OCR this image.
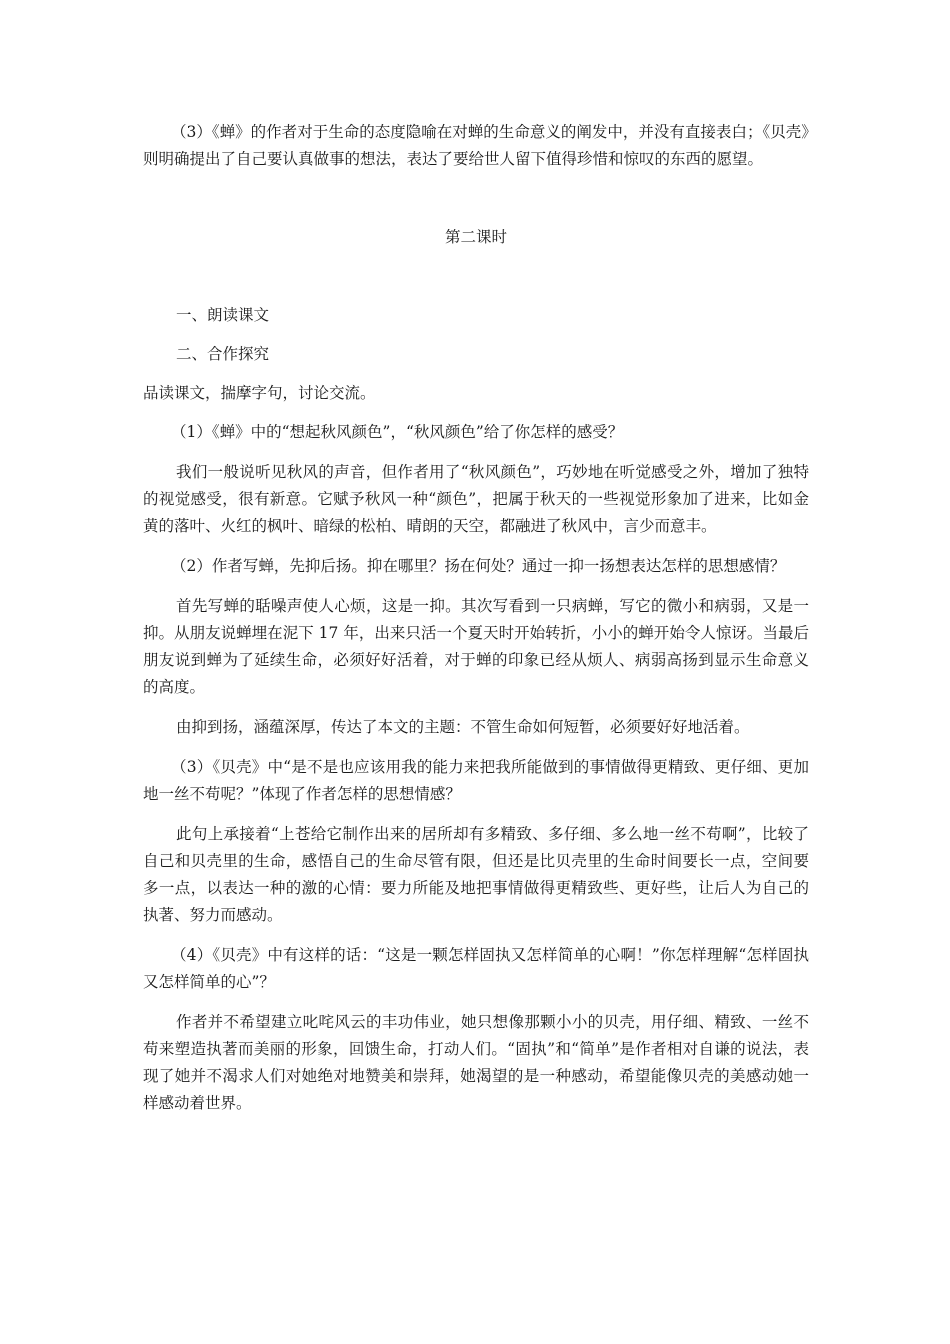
（3）《蝉》的作者对于生命的态度隐喻在对蝉的生命意义的阐发中，并没有直接表白；《贝壳》则明确提出了自己要认真做事的想法，表达了要给世人留下值得珍惜和惊叹的东西的愿望。

第二课时

一、朗读课文

二、合作探究

品读课文，揣摩字句，讨论交流。

（1）《蝉》中的“想起秋风颜色”，“秋风颜色”给了你怎样的感受？

我们一般说听见秋风的声音，但作者用了“秋风颜色”，巧妙地在听觉感受之外，增加了独特的视觉感受，很有新意。它赋予秋风一种“颜色”，把属于秋天的一些视觉形象加了进来，比如金黄的落叶、火红的枫叶、暗绿的松柏、晴朗的天空，都融进了秋风中，言少而意丰。

（2）作者写蝉，先抑后扬。抑在哪里？扬在何处？通过一抑一扬想表达怎样的思想感情？

首先写蝉的聒噪声使人心烦，这是一抑。其次写看到一只病蝉，写它的微小和病弱，又是一抑。从朋友说蝉埋在泥下 17 年，出来只活一个夏天时开始转折，小小的蝉开始令人惊讶。当最后朋友说到蝉为了延续生命，必须好好活着，对于蝉的印象已经从烦人、病弱高扬到显示生命意义的高度。

由抑到扬，涵蕴深厚，传达了本文的主题：不管生命如何短暂，必须要好好地活着。

（3）《贝壳》中“是不是也应该用我的能力来把我所能做到的事情做得更精致、更仔细、更加地一丝不苟呢？”体现了作者怎样的思想情感？

此句上承接着“上苍给它制作出来的居所却有多精致、多仔细、多么地一丝不苟啊”，比较了自己和贝壳里的生命，感悟自己的生命尽管有限，但还是比贝壳里的生命时间要长一点，空间要多一点，以表达一种的激的心情：要力所能及地把事情做得更精致些、更好些，让后人为自己的执著、努力而感动。

（4）《贝壳》中有这样的话：“这是一颗怎样固执又怎样简单的心啊！”你怎样理解“怎样固执又怎样简单的心”？

作者并不希望建立叱咤风云的丰功伟业，她只想像那颗小小的贝壳，用仔细、精致、一丝不苟来塑造执著而美丽的形象，回馈生命，打动人们。“固执”和“简单”是作者相对自谦的说法，表现了她并不渴求人们对她绝对地赞美和崇拜，她渴望的是一种感动，希望能像贝壳的美感动她一样感动着世界。
